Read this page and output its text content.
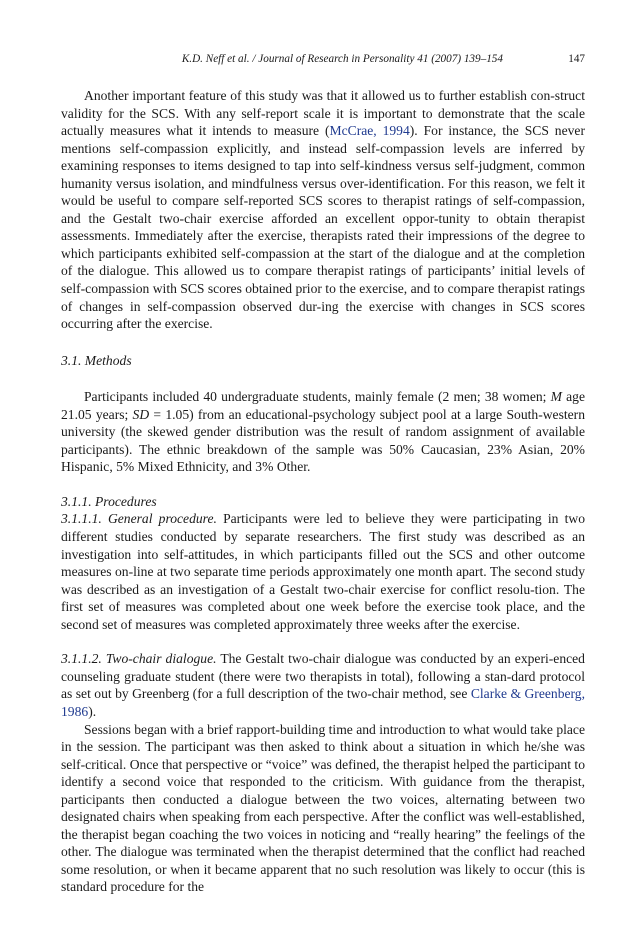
K.D. Neff et al. / Journal of Research in Personality 41 (2007) 139–154	147

Another important feature of this study was that it allowed us to further establish con-struct validity for the SCS. With any self-report scale it is important to demonstrate that the scale actually measures what it intends to measure (McCrae, 1994). For instance, the SCS never mentions self-compassion explicitly, and instead self-compassion levels are inferred by examining responses to items designed to tap into self-kindness versus self-judgment, common humanity versus isolation, and mindfulness versus over-identification. For this reason, we felt it would be useful to compare self-reported SCS scores to therapist ratings of self-compassion, and the Gestalt two-chair exercise afforded an excellent oppor-tunity to obtain therapist assessments. Immediately after the exercise, therapists rated their impressions of the degree to which participants exhibited self-compassion at the start of the dialogue and at the completion of the dialogue. This allowed us to compare therapist ratings of participants’ initial levels of self-compassion with SCS scores obtained prior to the exercise, and to compare therapist ratings of changes in self-compassion observed dur-ing the exercise with changes in SCS scores occurring after the exercise.

3.1. Methods

Participants included 40 undergraduate students, mainly female (2 men; 38 women; M age 21.05 years; SD = 1.05) from an educational-psychology subject pool at a large South-western university (the skewed gender distribution was the result of random assignment of available participants). The ethnic breakdown of the sample was 50% Caucasian, 23% Asian, 20% Hispanic, 5% Mixed Ethnicity, and 3% Other.

3.1.1. Procedures

3.1.1.1. General procedure. Participants were led to believe they were participating in two different studies conducted by separate researchers. The first study was described as an investigation into self-attitudes, in which participants filled out the SCS and other outcome measures on-line at two separate time periods approximately one month apart. The second study was described as an investigation of a Gestalt two-chair exercise for conflict resolu-tion. The first set of measures was completed about one week before the exercise took place, and the second set of measures was completed approximately three weeks after the exercise.

3.1.1.2. Two-chair dialogue. The Gestalt two-chair dialogue was conducted by an experi-enced counseling graduate student (there were two therapists in total), following a stan-dard protocol as set out by Greenberg (for a full description of the two-chair method, see Clarke & Greenberg, 1986).

Sessions began with a brief rapport-building time and introduction to what would take place in the session. The participant was then asked to think about a situation in which he/she was self-critical. Once that perspective or “voice” was defined, the therapist helped the participant to identify a second voice that responded to the criticism. With guidance from the therapist, participants then conducted a dialogue between the two voices, alternating between two designated chairs when speaking from each perspective. After the conflict was well-established, the therapist began coaching the two voices in noticing and “really hearing” the feelings of the other. The dialogue was terminated when the therapist determined that the conflict had reached some resolution, or when it became apparent that no such resolution was likely to occur (this is standard procedure for the
